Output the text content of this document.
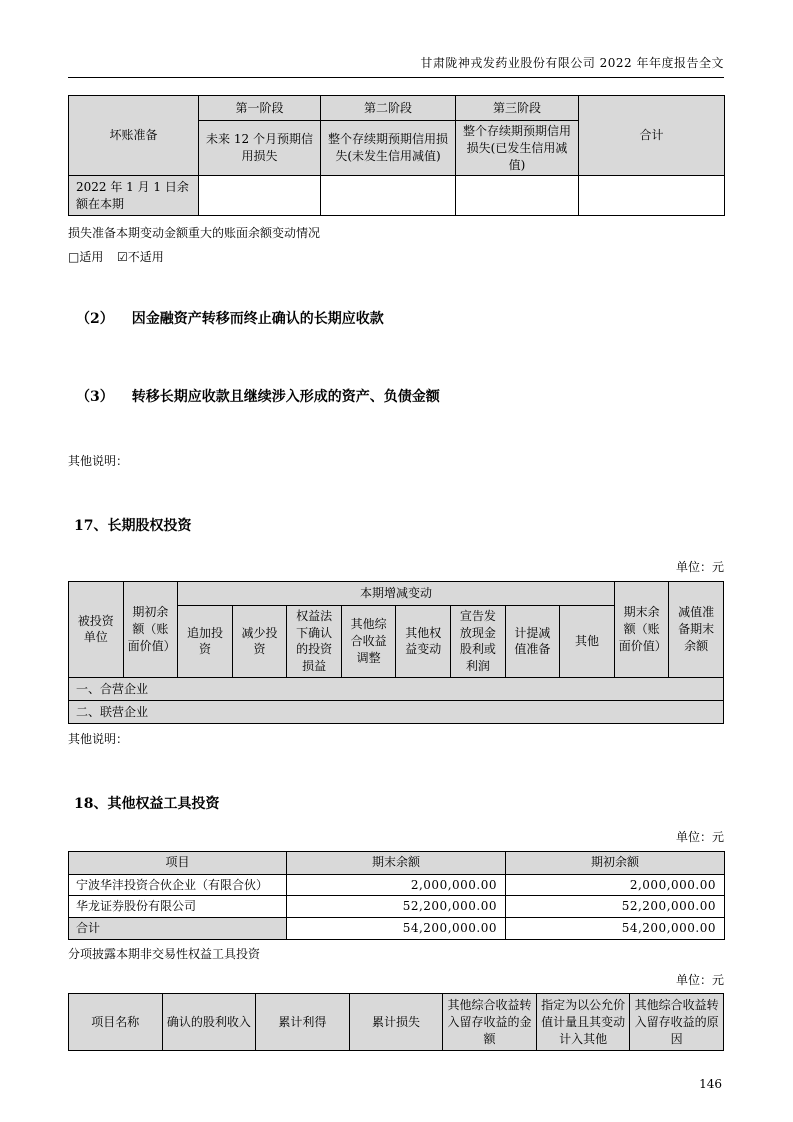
甘肃陇神戎发药业股份有限公司 2022 年年度报告全文
坏账准备	第一阶段	第二阶段	第三阶段	合计
	未来 12 个月预期信用损失	整个存续期预期信用损失(未发生信用减值)	整个存续期预期信用损失(已发生信用减值)	
2022 年 1 月 1 日余额在本期				
损失准备本期变动金额重大的账面余额变动情况
□适用 ☑不适用
（2） 因金融资产转移而终止确认的长期应收款
（3） 转移长期应收款且继续涉入形成的资产、负债金额
其他说明：
17、长期股权投资
单位：元
被投资单位	期初余额（账面价值）	本期增减变动								期末余额（账面价值）	减值准备期末余额
		追加投资	减少投资	权益法下确认的投资损益	其他综合收益调整	其他权益变动	宣告发放现金股利或利润	计提减值准备	其他		
一、合营企业											
二、联营企业											
其他说明：
18、其他权益工具投资
单位：元
项目	期末余额	期初余额
宁波华沣投资合伙企业（有限合伙）	2,000,000.00	2,000,000.00
华龙证券股份有限公司	52,200,000.00	52,200,000.00
合计	54,200,000.00	54,200,000.00
分项披露本期非交易性权益工具投资
单位：元
项目名称	确认的股利收入	累计利得	累计损失	其他综合收益转入留存收益的金额	指定为以公允价值计量且其变动计入其他	其他综合收益转入留存收益的原因
146
